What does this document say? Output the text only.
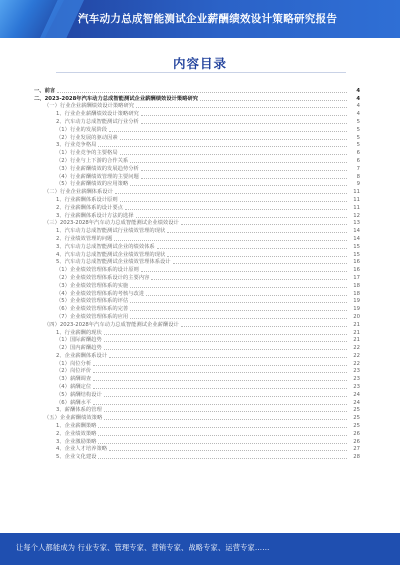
汽车动力总成智能测试企业薪酬绩效设计策略研究报告
内容目录
一、前言	4
二、2023-2028年汽车动力总成智能测试企业薪酬绩效设计策略研究	4
（一）行业企业薪酬绩效设计策略研究	4
1、行业企业薪酬绩效设计策略研究	4
2、汽车动力总成智能测试行业分析	5
（1）行业的发展阶段	5
（2）行业发展的驱动因素	5
3、行业竞争格局	5
（1）行业竞争的主要格局	6
（2）行业与上下游的合作关系	6
（3）行业薪酬绩效的发展趋势分析	7
（4）行业薪酬绩效管理的主要问题	8
（5）行业薪酬绩效的应用策略	9
（二）行业企业薪酬体系设计	11
1、行业薪酬体系设计原则	11
2、行业薪酬体系的设计要点	11
3、行业薪酬体系设计方法的选择	12
（三）2023-2028年汽车动力总成智能测试企业绩效设计	13
1、汽车动力总成智能测试行业绩效管理的现状	14
2、行业绩效管理的问题	14
3、汽车动力总成智能测试企业的绩效体系	15
4、汽车动力总成智能测试企业绩效管理的现状	15
5、汽车动力总成智能测试企业绩效管理体系设计	16
（1）企业绩效管理体系的设计原则	16
（2）企业绩效管理体系设计的主要内容	17
（3）企业绩效管理体系的实施	18
（4）企业绩效管理体系的考核与改进	18
（5）企业绩效管理体系的评估	19
（6）企业绩效管理体系的完善	19
（7）企业绩效管理体系的应用	20
（四）2023-2028年汽车动力总成智能测试企业薪酬设计	21
1、行业薪酬的现状	21
（1）国际薪酬趋势	21
（2）国内薪酬趋势	22
2、企业薪酬体系设计	22
（1）岗位分析	22
（2）岗位评价	23
（3）薪酬调查	23
（4）薪酬定位	23
（5）薪酬结构设计	24
（6）薪酬水平	24
3、薪酬体系的管理	25
（五）企业薪酬绩效策略	25
1、企业薪酬策略	25
2、企业绩效策略	26
3、企业激励策略	26
4、企业人才培养策略	27
5、企业文化建设	28
让每个人都能成为 行业专家、管理专家、营销专家、战略专家、运营专家……
